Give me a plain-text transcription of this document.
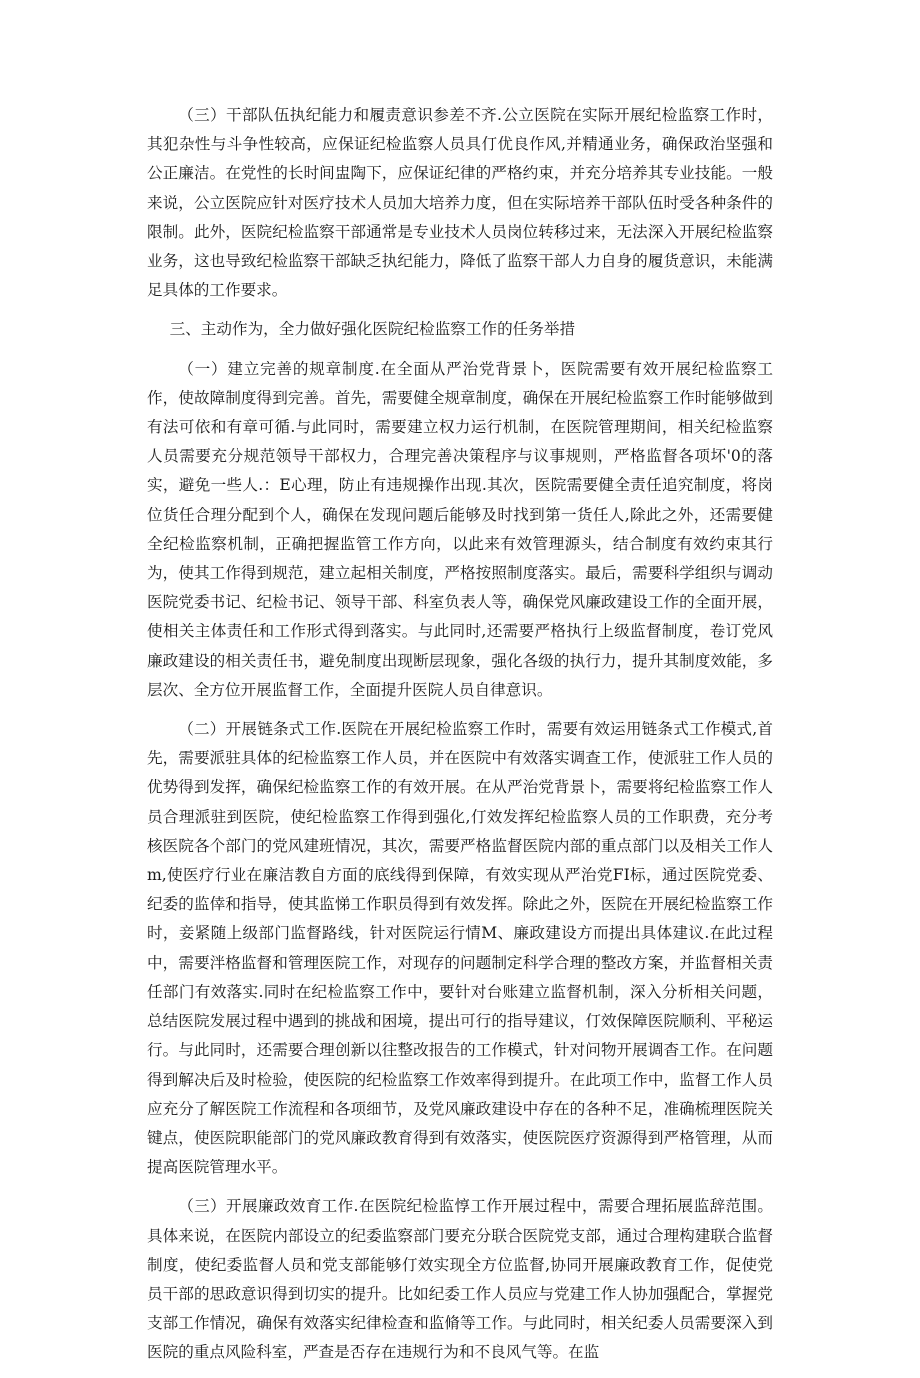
（三）干部队伍执纪能力和履责意识参差不齐.公立医院在实际开展纪检监察工作时，其犯杂性与斗争性较高，应保证纪检监察人员具仃优良作风,并精通业务，确保政治坚强和公正廉洁。在党性的长时间盅陶下，应保证纪律的严格约束，并充分培养其专业技能。一般来说，公立医院应针对医疗技术人员加大培养力度，但在实际培养干部队伍时受各种条件的限制。此外，医院纪检监察干部通常是专业技术人员岗位转移过来，无法深入开展纪检监察业务，这也导致纪检监察干部缺乏执纪能力，降低了监察干部人力自身的履货意识，未能满足具体的工作要求。

三、主动作为，全力做好强化医院纪检监察工作的任务举措

（一）建立完善的规章制度.在全面从严治党背景卜，医院需要有效开展纪检监察工作，使故障制度得到完善。首先，需要健全规章制度，确保在开展纪检监察工作时能够做到有法可依和有章可循.与此同时，需要建立权力运行机制，在医院管理期间，相关纪检监察人员需要充分规范领导干部权力，合理完善决策程序与议事规则，严格监督各项坏'0的落实，避免一些人.：E心理，防止有违规操作出现.其次，医院需要健全责任追究制度，将岗位货任合理分配到个人，确保在发现问题后能够及时找到第一货任人,除此之外，还需要健全纪检监察机制，正确把握监管工作方向，以此来有效管理源头，结合制度有效约束其行为，使其工作得到规范，建立起相关制度，严格按照制度落实。最后，需要科学组织与调动医院党委书记、纪检书记、领导干部、科室负表人等，确保党风廉政建设工作的全面开展，使相关主体责任和工作形式得到落实。与此同时,还需要严格执行上级监督制度，卷订党风廉政建设的相关责任书，避免制度出现断层现象，强化各级的执行力，提升其制度效能，多层次、全方位开展监督工作，全面提升医院人员自律意识。

（二）开展链条式工作.医院在开展纪检监察工作时，需要有效运用链条式工作模式,首先，需要派驻具体的纪检监察工作人员，并在医院中有效落实调查工作，使派驻工作人员的优势得到发挥，确保纪检监察工作的有效开展。在从严治党背景卜，需要将纪检监察工作人员合理派驻到医院，使纪检监察工作得到强化,仃效发挥纪检监察人员的工作职费，充分考核医院各个部门的党风建班情况，其次，需要严格监督医院内部的重点部门以及相关工作人m,使医疗行业在廉洁教自方面的底线得到保障，有效实现从严治党FI标，通过医院党委、纪委的监倖和指导，使其监悌工作职员得到有效发挥。除此之外，医院在开展纪检监察工作时，妾紧随上级部门监督路线，针对医院运行情M、廉政建设方而提出具体建议.在此过程中，需要泮格监督和管理医院工作，对现存的问题制定科学合理的整改方案，并监督相关责任部门有效落实.同时在纪检监察工作中，要针对台账建立监督机制，深入分析相关问题，总结医院发展过程中遇到的挑战和困境，提出可行的指导建议，仃效保障医院顺利、平秘运行。与此同时，还需要合理创新以往整改报告的工作模式，针对问物开展调杳工作。在问题得到解决后及时检验，使医院的纪检监察工作效率得到提升。在此项工作中，监督工作人员应充分了解医院工作流程和各项细节，及党风廉政建设中存在的各种不足，准确梳理医院关键点，使医院职能部门的党风廉政教育得到有效落实，使医院医疗资源得到严格管理，从而提高医院管理水平。

（三）开展廉政效育工作.在医院纪检监惇工作开展过程中，需要合理拓展监辞范围。具体来说，在医院内部设立的纪委监察部门要充分联合医院党支部，通过合理构建联合监督制度，使纪委监督人员和党支部能够仃效实现全方位监督,协同开展廉政教育工作，促使党员干部的思政意识得到切实的提升。比如纪委工作人员应与党建工作人协加强配合，掌握党支部工作情况，确保有效落实纪律检查和监脩等工作。与此同时，相关纪委人员需要深入到医院的重点风险科室，严查是否存在违规行为和不良风气等。在监
